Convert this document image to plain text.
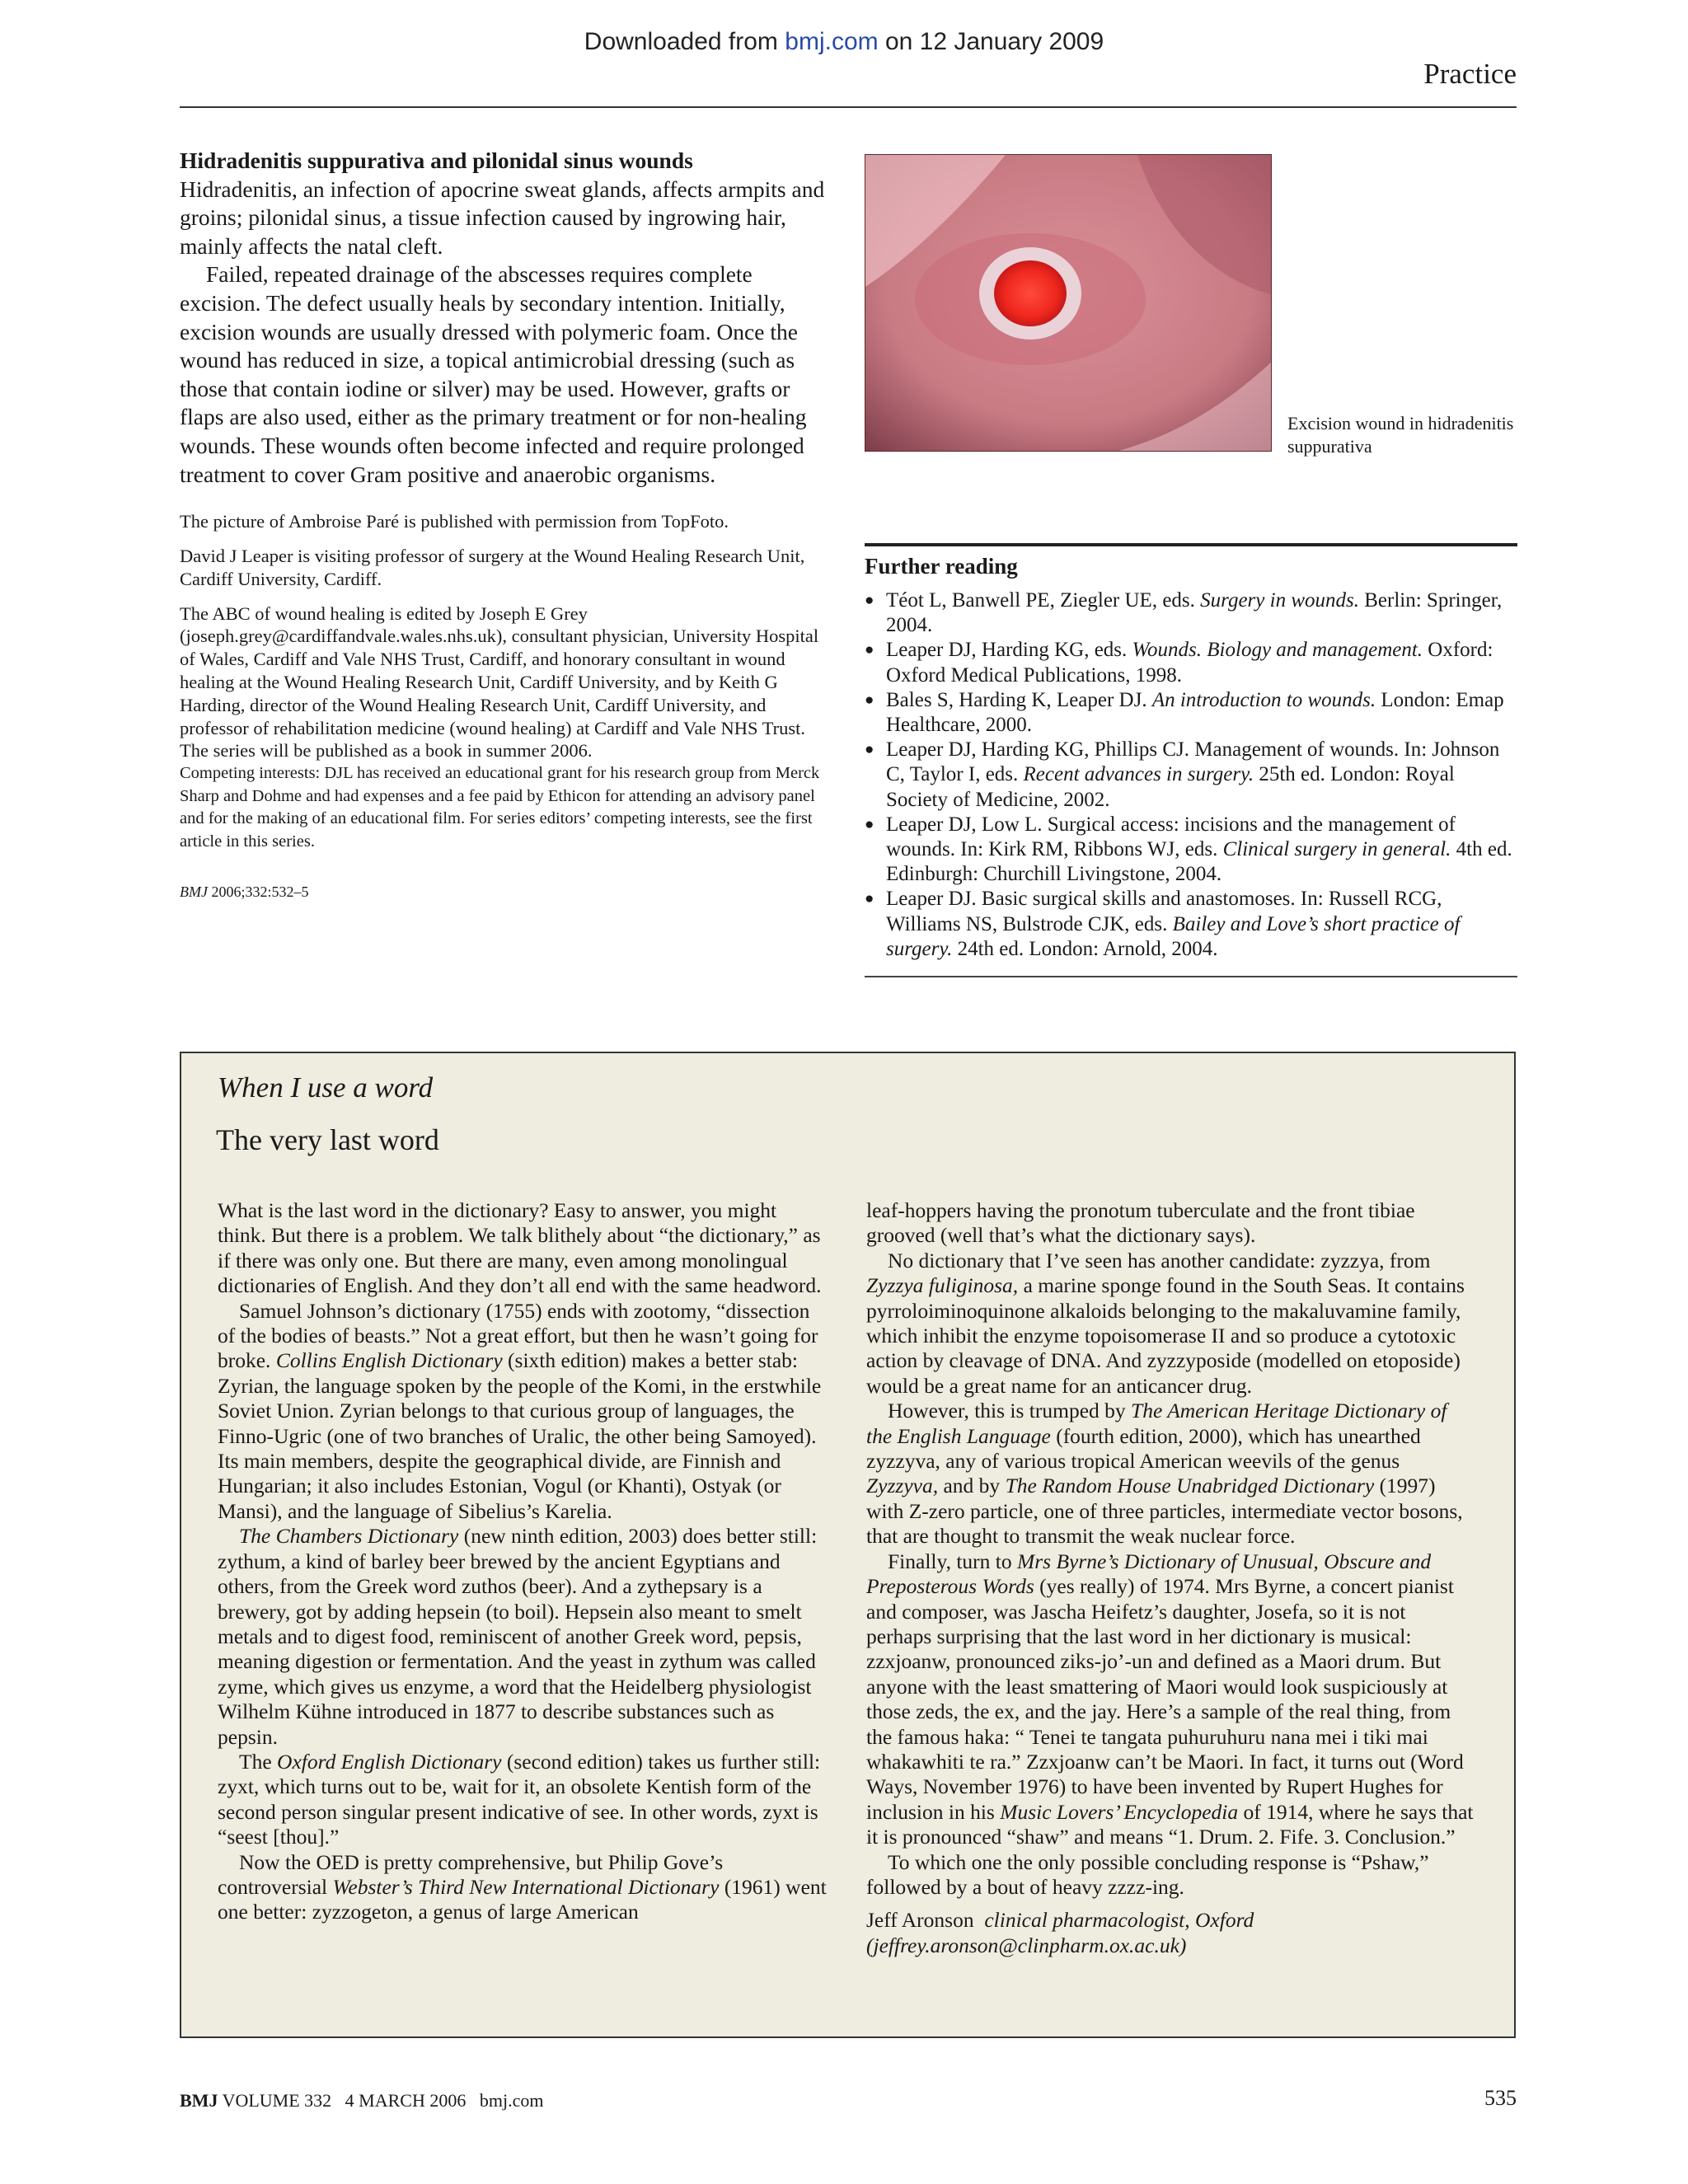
Downloaded from bmj.com on 12 January 2009
Practice

Hidradenitis suppurativa and pilonidal sinus wounds

Hidradenitis, an infection of apocrine sweat glands, affects armpits and groins; pilonidal sinus, a tissue infection caused by ingrowing hair, mainly affects the natal cleft.

Failed, repeated drainage of the abscesses requires complete excision. The defect usually heals by secondary intention. Initially, excision wounds are usually dressed with polymeric foam. Once the wound has reduced in size, a topical antimicrobial dressing (such as those that contain iodine or silver) may be used. However, grafts or flaps are also used, either as the primary treatment or for non-healing wounds. These wounds often become infected and require prolonged treatment to cover Gram positive and anaerobic organisms.

The picture of Ambroise Paré is published with permission from TopFoto.

David J Leaper is visiting professor of surgery at the Wound Healing Research Unit, Cardiff University, Cardiff.

The ABC of wound healing is edited by Joseph E Grey (joseph.grey@cardiffandvale.wales.nhs.uk), consultant physician, University Hospital of Wales, Cardiff and Vale NHS Trust, Cardiff, and honorary consultant in wound healing at the Wound Healing Research Unit, Cardiff University, and by Keith G Harding, director of the Wound Healing Research Unit, Cardiff University, and professor of rehabilitation medicine (wound healing) at Cardiff and Vale NHS Trust. The series will be published as a book in summer 2006.

Competing interests: DJL has received an educational grant for his research group from Merck Sharp and Dohme and had expenses and a fee paid by Ethicon for attending an advisory panel and for the making of an educational film. For series editors’ competing interests, see the first article in this series.

BMJ 2006;332:532–5

Excision wound in hidradenitis suppurativa
Further reading
● Téot L, Banwell PE, Ziegler UE, eds. Surgery in wounds. Berlin: Springer, 2004.
● Leaper DJ, Harding KG, eds. Wounds. Biology and management. Oxford: Oxford Medical Publications, 1998.
● Bales S, Harding K, Leaper DJ. An introduction to wounds. London: Emap Healthcare, 2000.
● Leaper DJ, Harding KG, Phillips CJ. Management of wounds. In: Johnson C, Taylor I, eds. Recent advances in surgery. 25th ed. London: Royal Society of Medicine, 2002.
● Leaper DJ, Low L. Surgical access: incisions and the management of wounds. In: Kirk RM, Ribbons WJ, eds. Clinical surgery in general. 4th ed. Edinburgh: Churchill Livingstone, 2004.
● Leaper DJ. Basic surgical skills and anastomoses. In: Russell RCG, Williams NS, Bulstrode CJK, eds. Bailey and Love’s short practice of surgery. 24th ed. London: Arnold, 2004.
When I use a word
The very last word

What is the last word in the dictionary? Easy to answer, you might think. But there is a problem. We talk blithely about “the dictionary,” as if there was only one. But there are many, even among monolingual dictionaries of English. And they don’t all end with the same headword.

Samuel Johnson’s dictionary (1755) ends with zootomy, “dissection of the bodies of beasts.” Not a great effort, but then he wasn’t going for broke. Collins English Dictionary (sixth edition) makes a better stab: Zyrian, the language spoken by the people of the Komi, in the erstwhile Soviet Union. Zyrian belongs to that curious group of languages, the Finno-Ugric (one of two branches of Uralic, the other being Samoyed). Its main members, despite the geographical divide, are Finnish and Hungarian; it also includes Estonian, Vogul (or Khanti), Ostyak (or Mansi), and the language of Sibelius’s Karelia.

The Chambers Dictionary (new ninth edition, 2003) does better still: zythum, a kind of barley beer brewed by the ancient Egyptians and others, from the Greek word zuthos (beer). And a zythepsary is a brewery, got by adding hepsein (to boil). Hepsein also meant to smelt metals and to digest food, reminiscent of another Greek word, pepsis, meaning digestion or fermentation. And the yeast in zythum was called zyme, which gives us enzyme, a word that the Heidelberg physiologist Wilhelm Kühne introduced in 1877 to describe substances such as pepsin.

The Oxford English Dictionary (second edition) takes us further still: zyxt, which turns out to be, wait for it, an obsolete Kentish form of the second person singular present indicative of see. In other words, zyxt is “seest [thou].”

Now the OED is pretty comprehensive, but Philip Gove’s controversial Webster’s Third New International Dictionary (1961) went one better: zyzzogeton, a genus of large American

leaf-hoppers having the pronotum tuberculate and the front tibiae grooved (well that’s what the dictionary says).

No dictionary that I’ve seen has another candidate: zyzzya, from Zyzzya fuliginosa, a marine sponge found in the South Seas. It contains pyrroloiminoquinone alkaloids belonging to the makaluvamine family, which inhibit the enzyme topoisomerase II and so produce a cytotoxic action by cleavage of DNA. And zyzzyposide (modelled on etoposide) would be a great name for an anticancer drug.

However, this is trumped by The American Heritage Dictionary of the English Language (fourth edition, 2000), which has unearthed zyzzyva, any of various tropical American weevils of the genus Zyzzyva, and by The Random House Unabridged Dictionary (1997) with Z-zero particle, one of three particles, intermediate vector bosons, that are thought to transmit the weak nuclear force.

Finally, turn to Mrs Byrne’s Dictionary of Unusual, Obscure and Preposterous Words (yes really) of 1974. Mrs Byrne, a concert pianist and composer, was Jascha Heifetz’s daughter, Josefa, so it is not perhaps surprising that the last word in her dictionary is musical: zzxjoanw, pronounced ziks-jo’-un and defined as a Maori drum. But anyone with the least smattering of Maori would look suspiciously at those zeds, the ex, and the jay. Here’s a sample of the real thing, from the famous haka: “ Tenei te tangata puhuruhuru nana mei i tiki mai whakawhiti te ra.” Zzxjoanw can’t be Maori. In fact, it turns out (Word Ways, November 1976) to have been invented by Rupert Hughes for inclusion in his Music Lovers’ Encyclopedia of 1914, where he says that it is pronounced “shaw” and means “1. Drum. 2. Fife. 3. Conclusion.”

To which one the only possible concluding response is “Pshaw,” followed by a bout of heavy zzzz-ing.

Jeff Aronson clinical pharmacologist, Oxford
(jeffrey.aronson@clinpharm.ox.ac.uk)

BMJ VOLUME 332 4 MARCH 2006 bmj.com	535
